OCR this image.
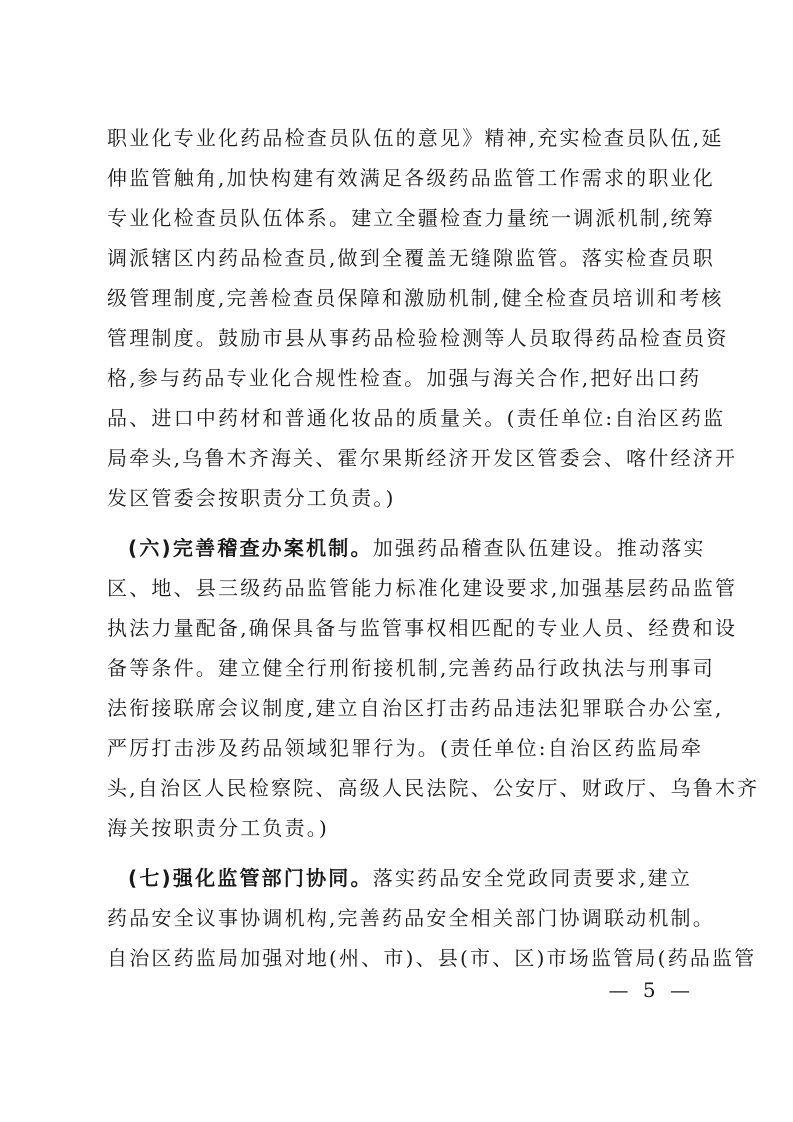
职业化专业化药品检查员队伍的意见》精神,充实检查员队伍,延
伸监管触角,加快构建有效满足各级药品监管工作需求的职业化
专业化检查员队伍体系。建立全疆检查力量统一调派机制,统筹
调派辖区内药品检查员,做到全覆盖无缝隙监管。落实检查员职
级管理制度,完善检查员保障和激励机制,健全检查员培训和考核
管理制度。鼓励市县从事药品检验检测等人员取得药品检查员资
格,参与药品专业化合规性检查。加强与海关合作,把好出口药
品、进口中药材和普通化妆品的质量关。(责任单位:自治区药监
局牵头,乌鲁木齐海关、霍尔果斯经济开发区管委会、喀什经济开
发区管委会按职责分工负责。)
(六)完善稽查办案机制。加强药品稽查队伍建设。推动落实
区、地、县三级药品监管能力标准化建设要求,加强基层药品监管
执法力量配备,确保具备与监管事权相匹配的专业人员、经费和设
备等条件。建立健全行刑衔接机制,完善药品行政执法与刑事司
法衔接联席会议制度,建立自治区打击药品违法犯罪联合办公室,
严厉打击涉及药品领域犯罪行为。(责任单位:自治区药监局牵
头,自治区人民检察院、高级人民法院、公安厅、财政厅、乌鲁木齐
海关按职责分工负责。)
(七)强化监管部门协同。落实药品安全党政同责要求,建立
药品安全议事协调机构,完善药品安全相关部门协调联动机制。
自治区药监局加强对地(州、市)、县(市、区)市场监管局(药品监管
— 5 —
